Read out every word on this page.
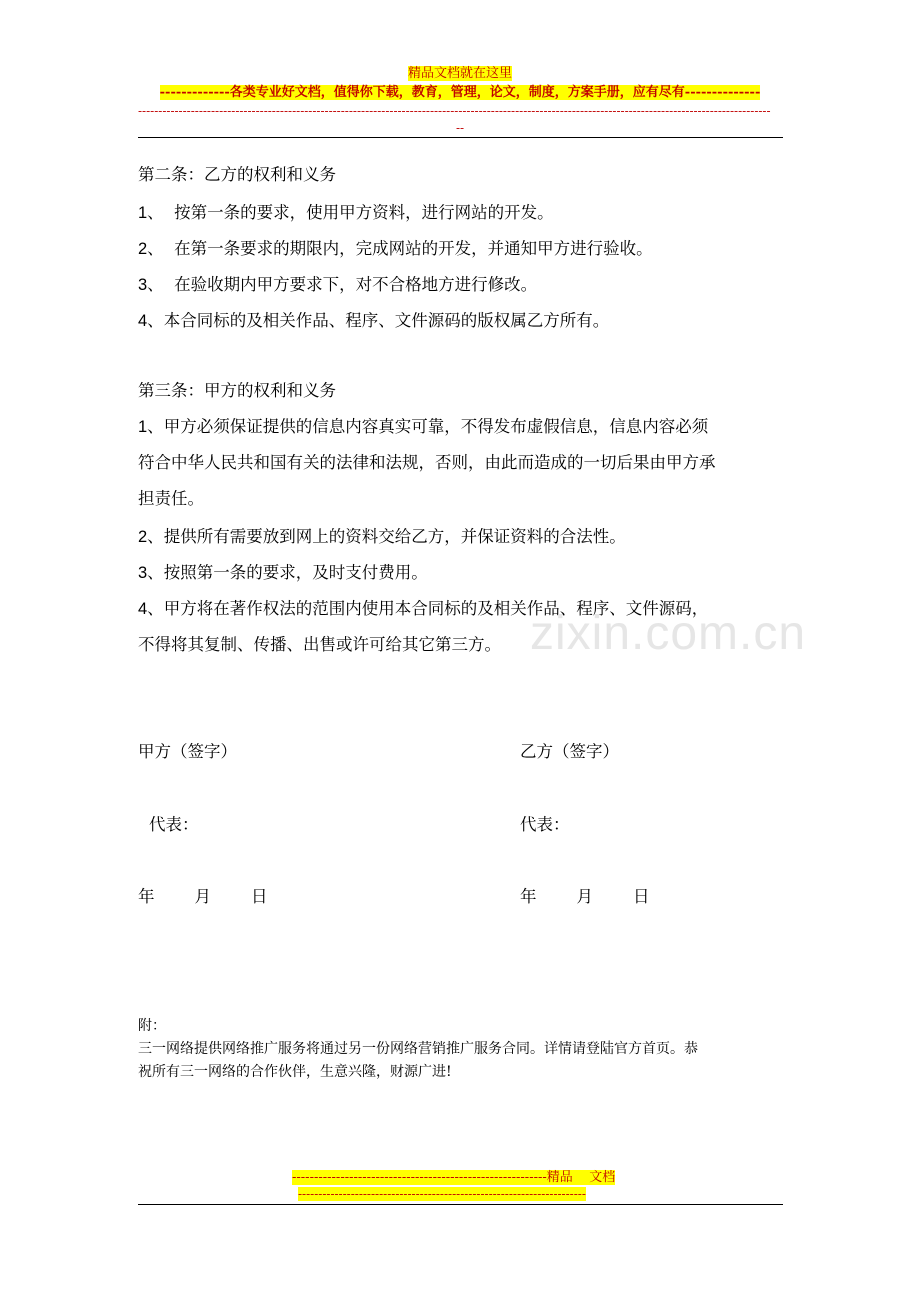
精品文档就在这里
-------------各类专业好文档，值得你下载，教育，管理，论文，制度，方案手册，应有尽有--------------
------------------------------------------------------------------------------------------------------------------------------------------------------------
--
第二条：乙方的权利和义务
1、  按第一条的要求，使用甲方资料，进行网站的开发。
2、  在第一条要求的期限内，完成网站的开发，并通知甲方进行验收。
3、  在验收期内甲方要求下，对不合格地方进行修改。
4、本合同标的及相关作品、程序、文件源码的版权属乙方所有。
第三条：甲方的权利和义务
1、甲方必须保证提供的信息内容真实可靠，不得发布虚假信息，信息内容必须
符合中华人民共和国有关的法律和法规，否则，由此而造成的一切后果由甲方承
担责任。
2、提供所有需要放到网上的资料交给乙方，并保证资料的合法性。
3、按照第一条的要求，及时支付费用。
4、甲方将在著作权法的范围内使用本合同标的及相关作品、程序、文件源码，
不得将其复制、传播、出售或许可给其它第三方。 zixin.com.cn
甲方（签字）	乙方（签字）
代表：	代表：
年 月 日	年 月 日
附：
三一网络提供网络推广服务将通过另一份网络营销推广服务合同。详情请登陆官方首页。恭
祝所有三一网络的合作伙伴，生意兴隆，财源广进!
----------------------------------------------------------精品    文档
-----------------------------------------------------------------------
